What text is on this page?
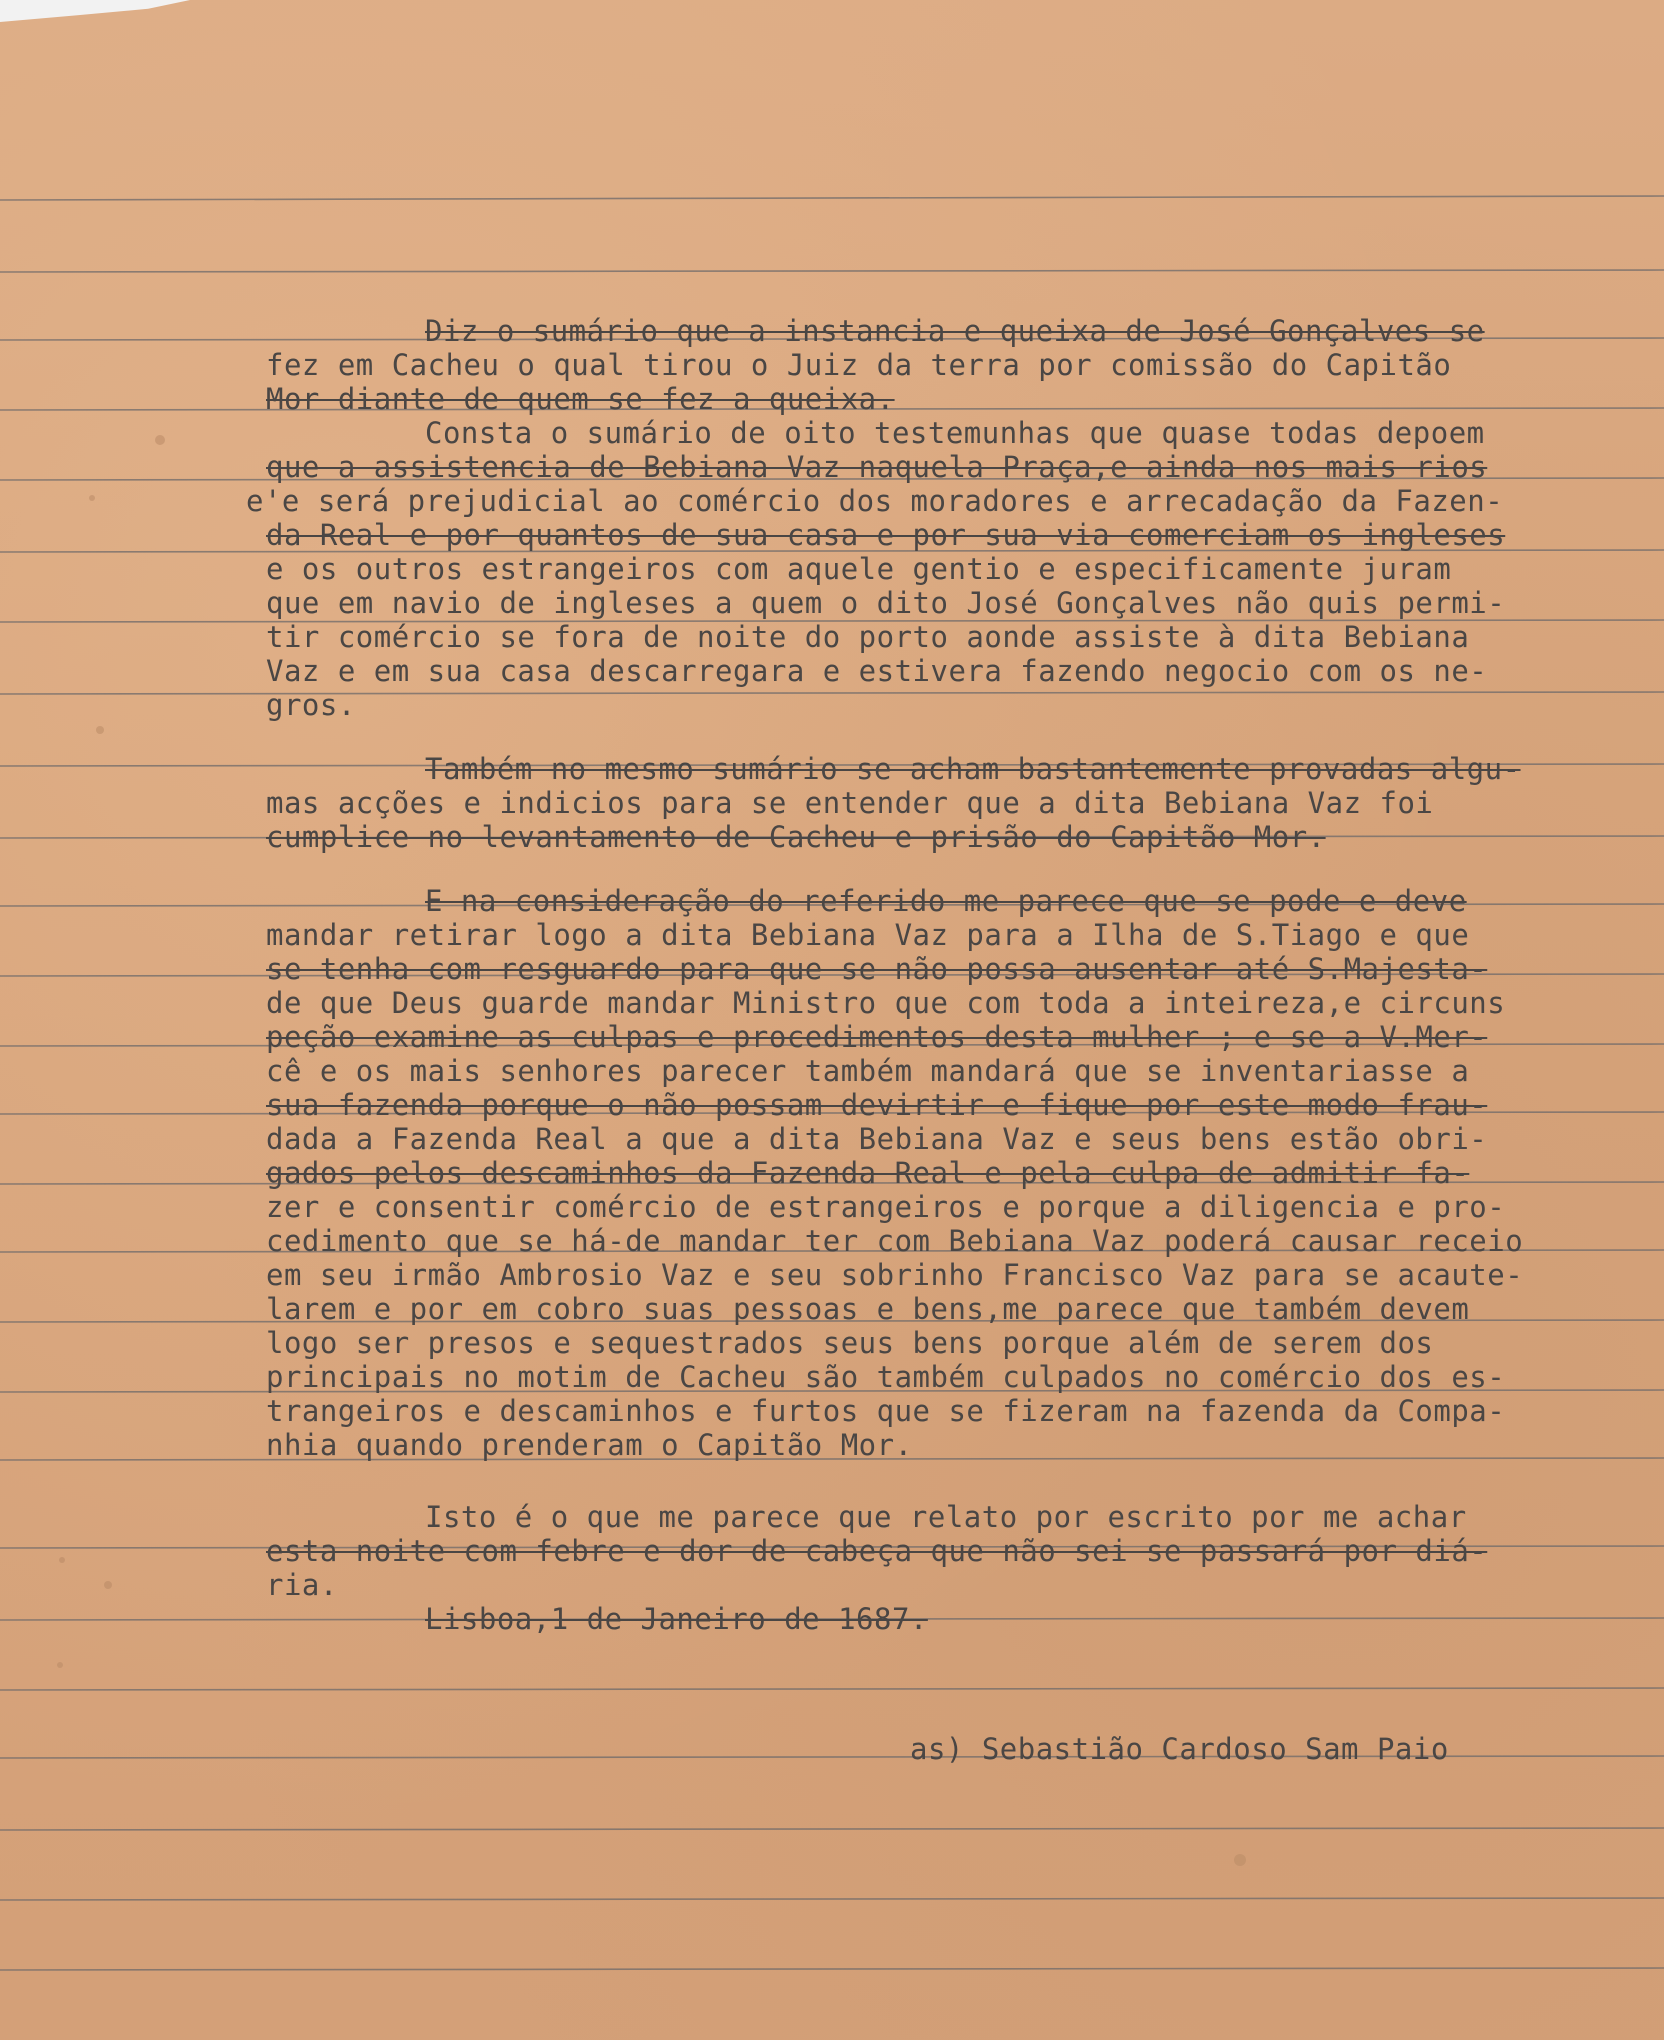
Diz o sumário que a instancia e queixa de José Gonçalves se
fez em Cacheu o qual tirou o Juiz da terra por comissão do Capitão
Mor diante de quem se fez a queixa.
Consta o sumário de oito testemunhas que quase todas depoem
que a assistencia de Bebiana Vaz naquela Praça,e ainda nos mais rios
e'e será prejudicial ao comércio dos moradores e arrecadação da Fazen-
da Real e por quantos de sua casa e por sua via comerciam os ingleses
e os outros estrangeiros com aquele gentio e especificamente juram
que em navio de ingleses a quem o dito José Gonçalves não quis permi-
tir comércio se fora de noite do porto aonde assiste à dita Bebiana
Vaz e em sua casa descarregara e estivera fazendo negocio com os ne-
gros.
Também no mesmo sumário se acham bastantemente provadas algu-
mas acções e indicios para se entender que a dita Bebiana Vaz foi
cumplice no levantamento de Cacheu e prisão do Capitão Mor.
E na consideração do referido me parece que se pode e deve
mandar retirar logo a dita Bebiana Vaz para a Ilha de S.Tiago e que
se tenha com resguardo para que se não possa ausentar até S.Majesta-
de que Deus guarde mandar Ministro que com toda a inteireza,e circuns
peção examine as culpas e procedimentos desta mulher ; e se a V.Mer-
cê e os mais senhores parecer também mandará que se inventariasse a
sua fazenda porque o não possam devirtir e fique por este modo frau-
dada a Fazenda Real a que a dita Bebiana Vaz e seus bens estão obri-
gados pelos descaminhos da Fazenda Real e pela culpa de admitir fa-
zer e consentir comércio de estrangeiros e porque a diligencia e pro-
cedimento que se há-de mandar ter com Bebiana Vaz poderá causar receio
em seu irmão Ambrosio Vaz e seu sobrinho Francisco Vaz para se acaute-
larem e por em cobro suas pessoas e bens,me parece que também devem
logo ser presos e sequestrados seus bens porque além de serem dos
principais no motim de Cacheu são também culpados no comércio dos es-
trangeiros e descaminhos e furtos que se fizeram na fazenda da Compa-
nhia quando prenderam o Capitão Mor.
Isto é o que me parece que relato por escrito por me achar
esta noite com febre e dor de cabeça que não sei se passará por diá-
ria.
Lisboa,1 de Janeiro de 1687.
as) Sebastião Cardoso Sam Paio
